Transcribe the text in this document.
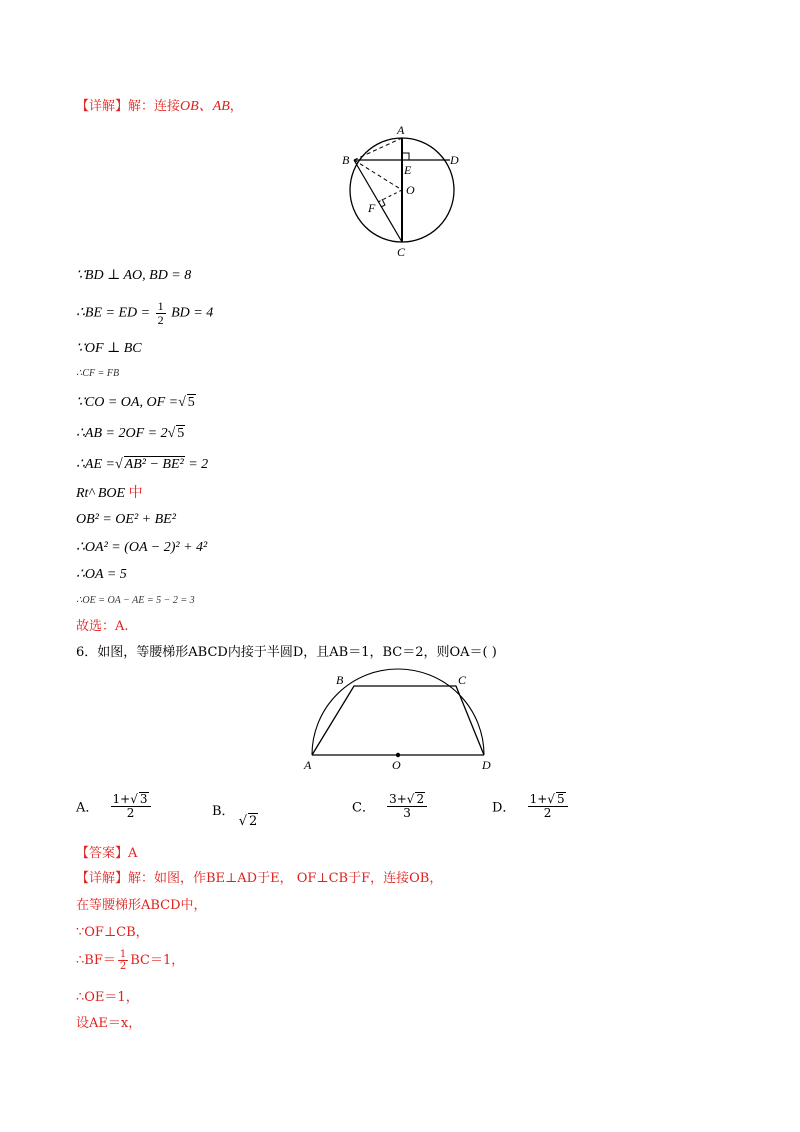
【详解】解：连接OB、AB，
A
B
E
D
O
F
C
∵BD ⊥ AO, BD = 8
∴BE = ED = $\frac{1}{2}$ BD = 4
∵OF ⊥ BC
∴CF = FB
∵CO = OA, OF =√ 5
∴AB = 2OF = 2√ 5
∴AE =√ AB² − BE² = 2
Rt^ BOE 中
OB² = OE² + BE²
∴OA² = (OA − 2)² + 4²
∴OA = 5
∴OE = OA − AE = 5 − 2 = 3
故选：A.
6．如图，等腰梯形ABCD内接于半圆D，且AB＝1，BC＝2，则OA＝( )
B	C
A	O	D
A． $\frac{1+√ 3}{2}$	B． √ 2
C． $\frac{3+√ 2}{3}$	D． $\frac{1+√ 5}{2}$
【答案】A
【详解】解：如图，作BE⊥AD于E， OF⊥CB于F，连接OB，
在等腰梯形ABCD中，
∵OF⊥CB，
∴BF＝ $\frac{1}{2} BC=1$，
∴OE＝1，
设AE＝x，
